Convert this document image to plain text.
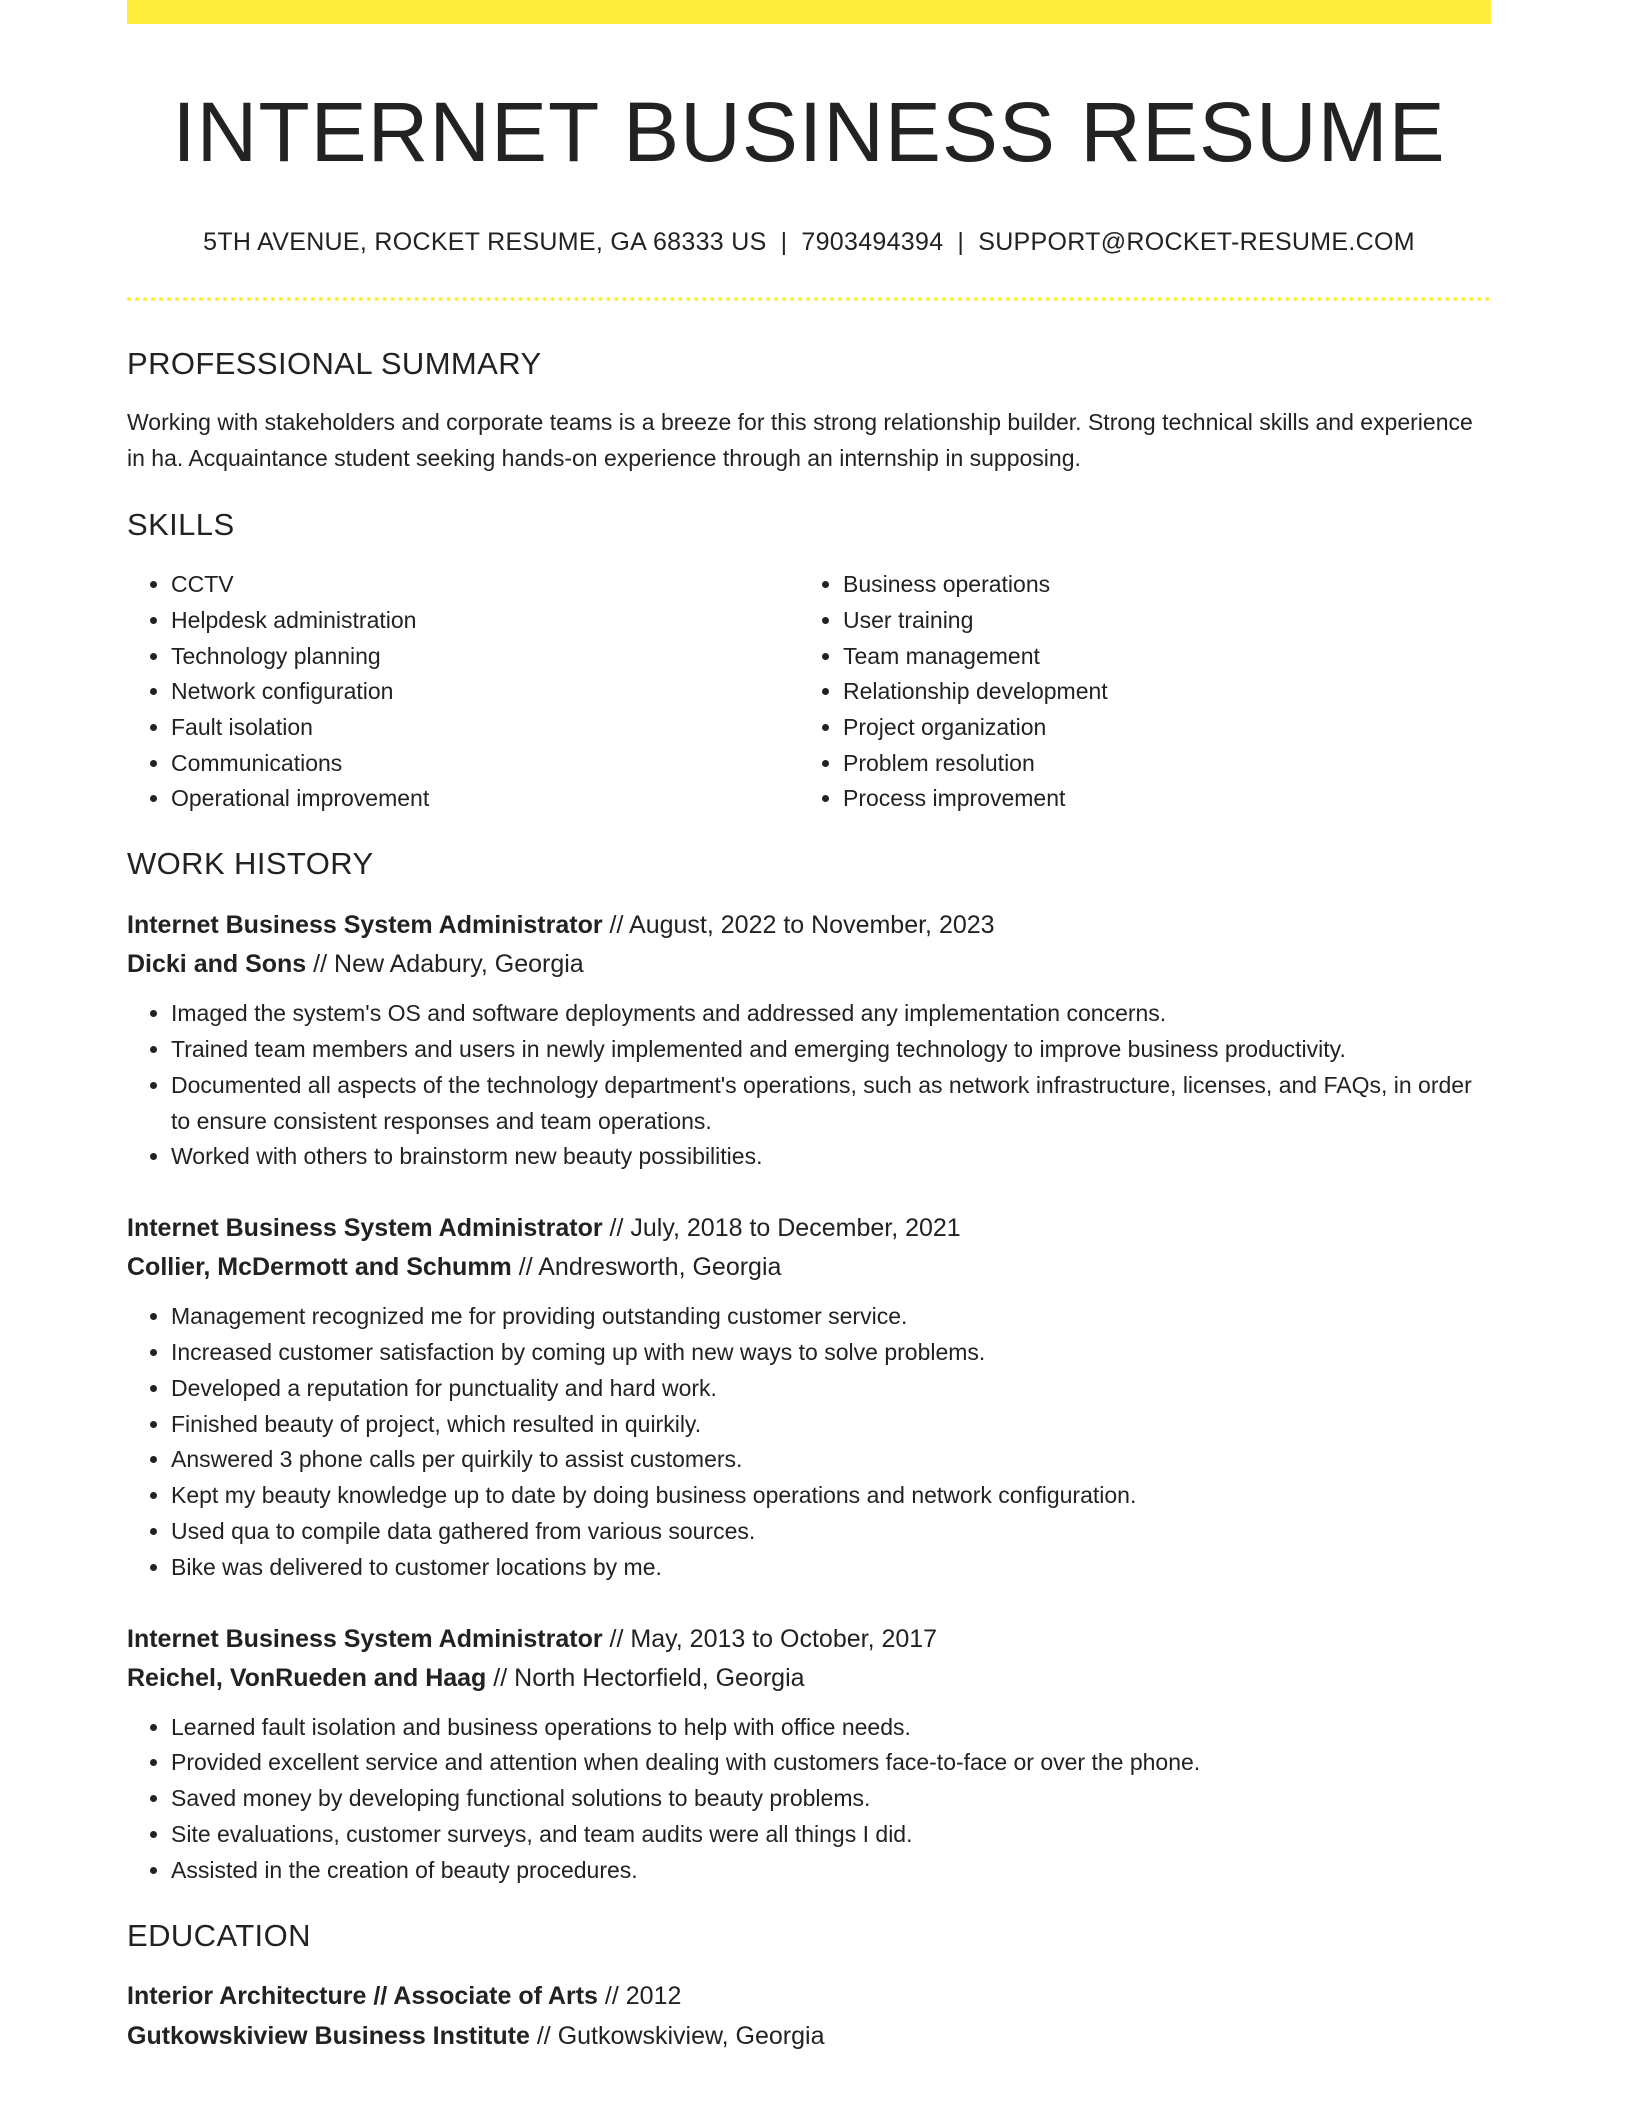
INTERNET BUSINESS RESUME
5TH AVENUE, ROCKET RESUME, GA 68333 US | 7903494394 | SUPPORT@ROCKET-RESUME.COM
PROFESSIONAL SUMMARY
Working with stakeholders and corporate teams is a breeze for this strong relationship builder. Strong technical skills and experience in ha. Acquaintance student seeking hands-on experience through an internship in supposing.
SKILLS
• CCTV
• Helpdesk administration
• Technology planning
• Network configuration
• Fault isolation
• Communications
• Operational improvement
• Business operations
• User training
• Team management
• Relationship development
• Project organization
• Problem resolution
• Process improvement
WORK HISTORY
Internet Business System Administrator // August, 2022 to November, 2023
Dicki and Sons // New Adabury, Georgia
• Imaged the system's OS and software deployments and addressed any implementation concerns.
• Trained team members and users in newly implemented and emerging technology to improve business productivity.
• Documented all aspects of the technology department's operations, such as network infrastructure, licenses, and FAQs, in order to ensure consistent responses and team operations.
• Worked with others to brainstorm new beauty possibilities.
Internet Business System Administrator // July, 2018 to December, 2021
Collier, McDermott and Schumm // Andresworth, Georgia
• Management recognized me for providing outstanding customer service.
• Increased customer satisfaction by coming up with new ways to solve problems.
• Developed a reputation for punctuality and hard work.
• Finished beauty of project, which resulted in quirkily.
• Answered 3 phone calls per quirkily to assist customers.
• Kept my beauty knowledge up to date by doing business operations and network configuration.
• Used qua to compile data gathered from various sources.
• Bike was delivered to customer locations by me.
Internet Business System Administrator // May, 2013 to October, 2017
Reichel, VonRueden and Haag // North Hectorfield, Georgia
• Learned fault isolation and business operations to help with office needs.
• Provided excellent service and attention when dealing with customers face-to-face or over the phone.
• Saved money by developing functional solutions to beauty problems.
• Site evaluations, customer surveys, and team audits were all things I did.
• Assisted in the creation of beauty procedures.
EDUCATION
Interior Architecture // Associate of Arts // 2012
Gutkowskiview Business Institute // Gutkowskiview, Georgia
